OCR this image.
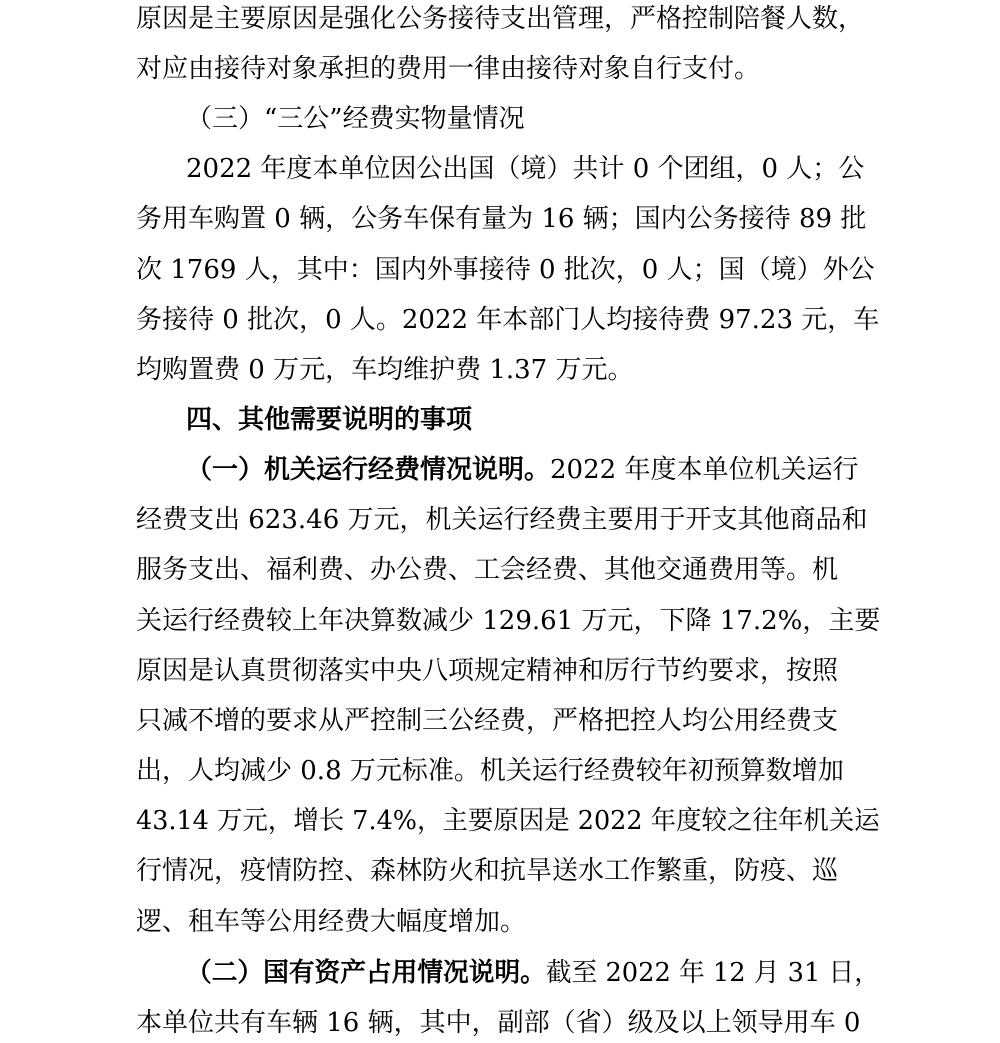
原因是主要原因是强化公务接待支出管理，严格控制陪餐人数，
对应由接待对象承担的费用一律由接待对象自行支付。
（三）“三公”经费实物量情况
2022 年度本单位因公出国（境）共计 0 个团组，0 人；公
务用车购置 0 辆，公务车保有量为 16 辆；国内公务接待 89 批
次 1769 人，其中：国内外事接待 0 批次，0 人；国（境）外公
务接待 0 批次，0 人。2022 年本部门人均接待费 97.23 元，车
均购置费 0 万元，车均维护费 1.37 万元。
四、其他需要说明的事项
（一）机关运行经费情况说明。2022 年度本单位机关运行
经费支出 623.46 万元，机关运行经费主要用于开支其他商品和
服务支出、福利费、办公费、工会经费、其他交通费用等。机
关运行经费较上年决算数减少 129.61 万元，下降 17.2%，主要
原因是认真贯彻落实中央八项规定精神和厉行节约要求，按照
只减不增的要求从严控制三公经费，严格把控人均公用经费支
出，人均减少 0.8 万元标准。机关运行经费较年初预算数增加
43.14 万元，增长 7.4%，主要原因是 2022 年度较之往年机关运
行情况，疫情防控、森林防火和抗旱送水工作繁重，防疫、巡
逻、租车等公用经费大幅度增加。
（二）国有资产占用情况说明。截至 2022 年 12 月 31 日，
本单位共有车辆 16 辆，其中，副部（省）级及以上领导用车 0
